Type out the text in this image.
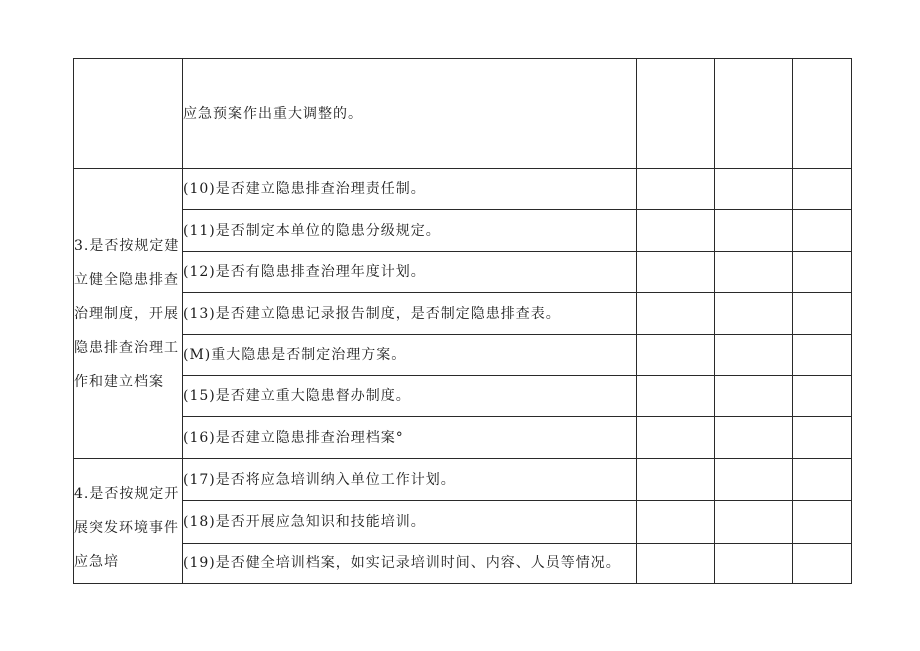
	应急预案作出重大调整的。			
3.是否按规定建立健全隐患排查治理制度，开展隐患排查治理工作和建立档案	(10)是否建立隐患排查治理责任制。			
	(11)是否制定本单位的隐患分级规定。			
	(12)是否有隐患排查治理年度计划。			
	(13)是否建立隐患记录报告制度，是否制定隐患排查表。			
	(M)重大隐患是否制定治理方案。			
	(15)是否建立重大隐患督办制度。			
	(16)是否建立隐患排查治理档案°			
4.是否按规定开展突发环境事件应急培	(17)是否将应急培训纳入单位工作计划。			
	(18)是否开展应急知识和技能培训。			
	(19)是否健全培训档案，如实记录培训时间、内容、人员等情况。			
